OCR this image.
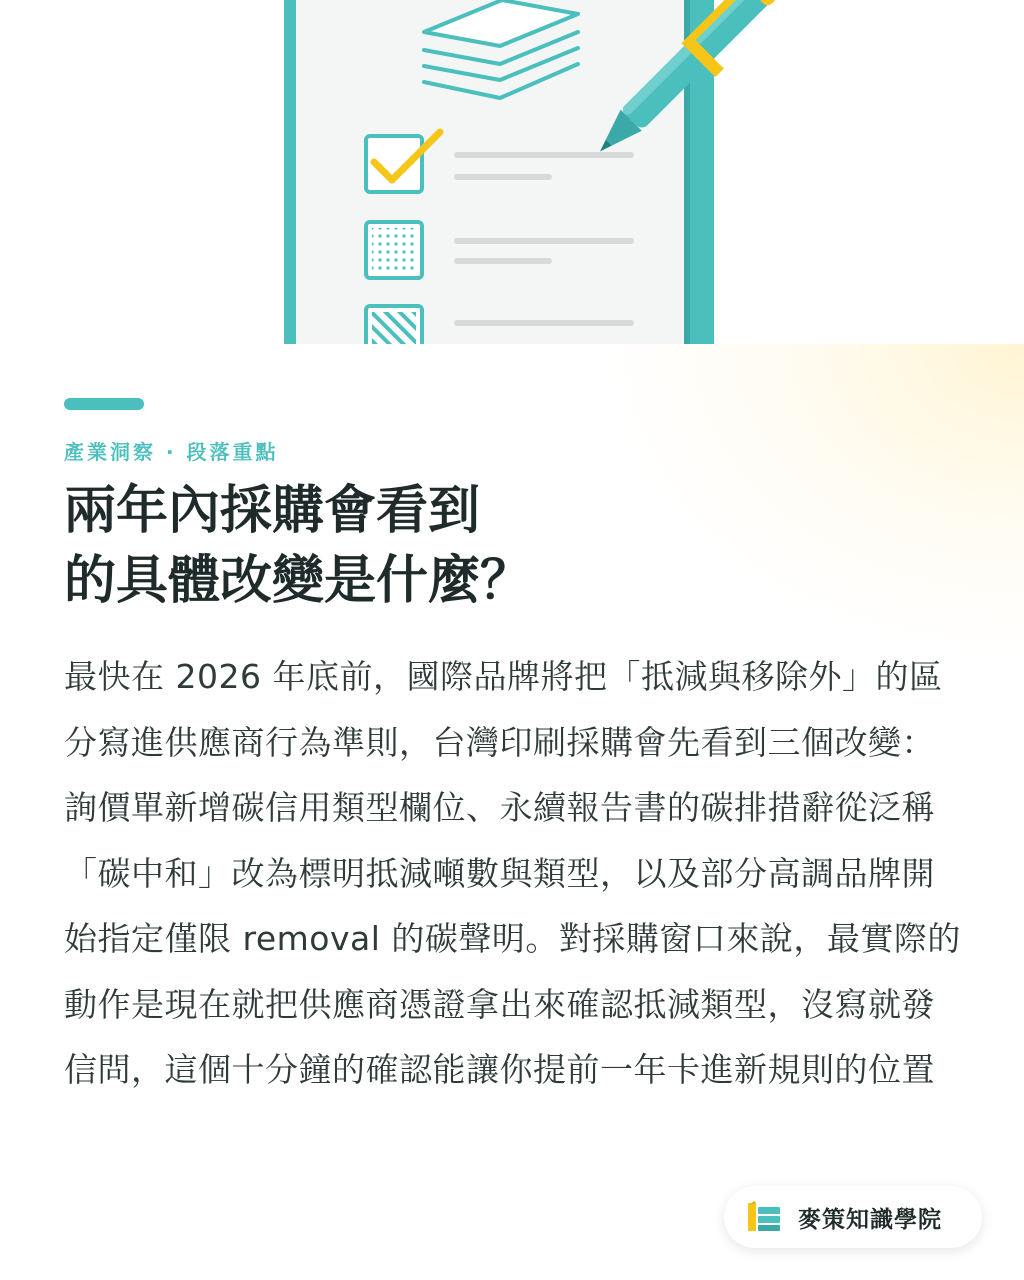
產業洞察 · 段落重點
兩年內採購會看到
的具體改變是什麼？

最快在 2026 年底前，國際品牌將把「抵減與移除外」的區分寫進供應商行為準則，台灣印刷採購會先看到三個改變：詢價單新增碳信用類型欄位、永續報告書的碳排措辭從泛稱「碳中和」改為標明抵減噸數與類型，以及部分高調品牌開始指定僅限 removal 的碳聲明。對採購窗口來說，最實際的動作是現在就把供應商憑證拿出來確認抵減類型，沒寫就發信問，這個十分鐘的確認能讓你提前一年卡進新規則的位置

麥策知識學院
